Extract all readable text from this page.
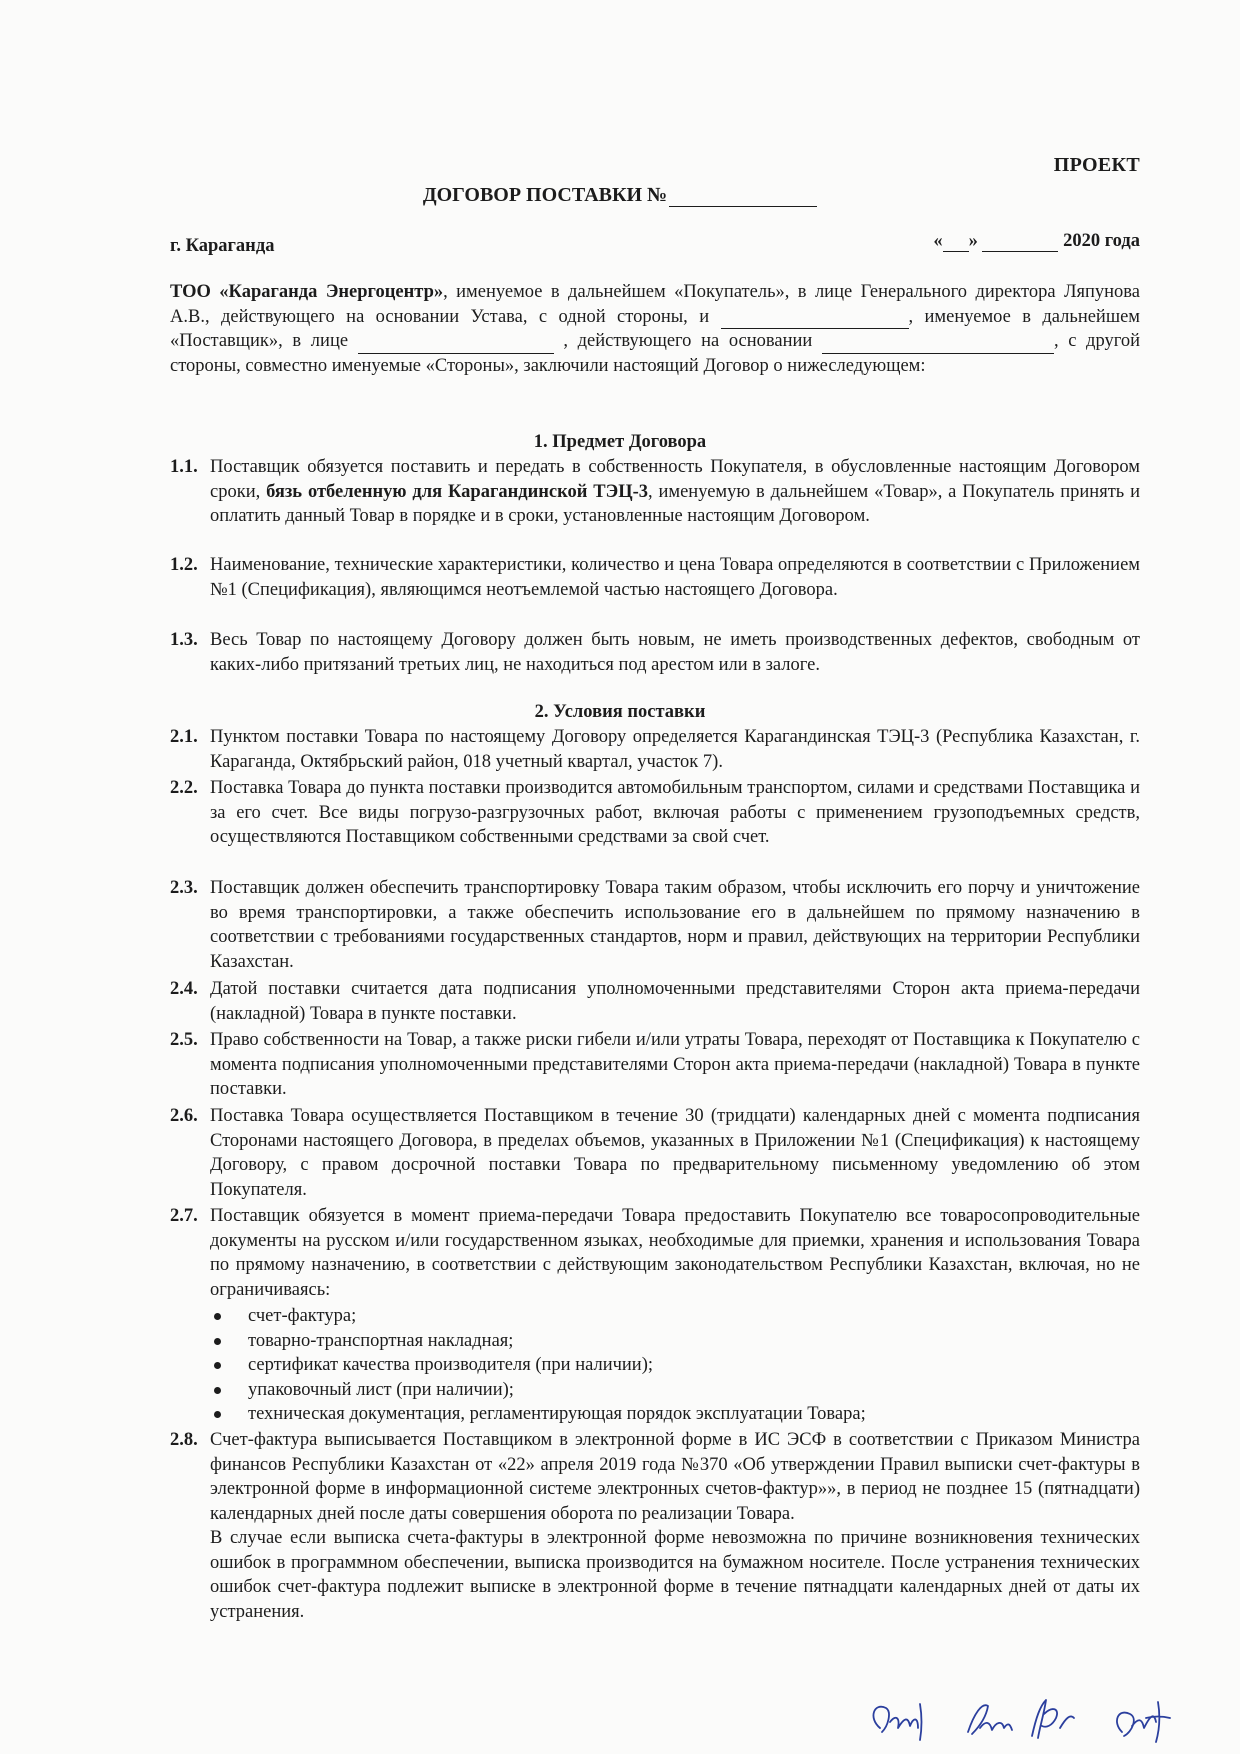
ПРОЕКТ
ДОГОВОР ПОСТАВКИ №
г. Караганда	« »	2020 года
ТОО «Караганда Энергоцентр», именуемое в дальнейшем «Покупатель», в лице Генерального директора Ляпунова А.В., действующего на основании Устава, с одной стороны, и	, именуемое в дальнейшем «Поставщик», в лице	, действующего на основании	, с другой стороны, совместно именуемые «Стороны», заключили настоящий Договор о нижеследующем:
1. Предмет Договора
1.1. Поставщик обязуется поставить и передать в собственность Покупателя, в обусловленные настоящим Договором сроки, бязь отбеленную для Карагандинской ТЭЦ-3, именуемую в дальнейшем «Товар», а Покупатель принять и оплатить данный Товар в порядке и в сроки, установленные настоящим Договором.
1.2. Наименование, технические характеристики, количество и цена Товара определяются в соответствии с Приложением №1 (Спецификация), являющимся неотъемлемой частью настоящего Договора.
1.3. Весь Товар по настоящему Договору должен быть новым, не иметь производственных дефектов, свободным от каких-либо притязаний третьих лиц, не находиться под арестом или в залоге.
2. Условия поставки
2.1. Пунктом поставки Товара по настоящему Договору определяется Карагандинская ТЭЦ-3 (Республика Казахстан, г. Караганда, Октябрьский район, 018 учетный квартал, участок 7).
2.2. Поставка Товара до пункта поставки производится автомобильным транспортом, силами и средствами Поставщика и за его счет. Все виды погрузо-разгрузочных работ, включая работы с применением грузоподъемных средств, осуществляются Поставщиком собственными средствами за свой счет.
2.3. Поставщик должен обеспечить транспортировку Товара таким образом, чтобы исключить его порчу и уничтожение во время транспортировки, а также обеспечить использование его в дальнейшем по прямому назначению в соответствии с требованиями государственных стандартов, норм и правил, действующих на территории Республики Казахстан.
2.4. Датой поставки считается дата подписания уполномоченными представителями Сторон акта приема-передачи (накладной) Товара в пункте поставки.
2.5. Право собственности на Товар, а также риски гибели и/или утраты Товара, переходят от Поставщика к Покупателю с момента подписания уполномоченными представителями Сторон акта приема-передачи (накладной) Товара в пункте поставки.
2.6. Поставка Товара осуществляется Поставщиком в течение 30 (тридцати) календарных дней с момента подписания Сторонами настоящего Договора, в пределах объемов, указанных в Приложении №1 (Спецификация) к настоящему Договору, с правом досрочной поставки Товара по предварительному письменному уведомлению об этом Покупателя.
2.7. Поставщик обязуется в момент приема-передачи Товара предоставить Покупателю все товаросопроводительные документы на русском и/или государственном языках, необходимые для приемки, хранения и использования Товара по прямому назначению, в соответствии с действующим законодательством Республики Казахстан, включая, но не ограничиваясь:
счет-фактура;
товарно-транспортная накладная;
сертификат качества производителя (при наличии);
упаковочный лист (при наличии);
техническая документация, регламентирующая порядок эксплуатации Товара;
2.8. Счет-фактура выписывается Поставщиком в электронной форме в ИС ЭСФ в соответствии с Приказом Министра финансов Республики Казахстан от «22» апреля 2019 года №370 «Об утверждении Правил выписки счет-фактуры в электронной форме в информационной системе электронных счетов-фактур»», в период не позднее 15 (пятнадцати) календарных дней после даты совершения оборота по реализации Товара.
В случае если выписка счета-фактуры в электронной форме невозможна по причине возникновения технических ошибок в программном обеспечении, выписка производится на бумажном носителе. После устранения технических ошибок счет-фактура подлежит выписке в электронной форме в течение пятнадцати календарных дней от даты их устранения.
